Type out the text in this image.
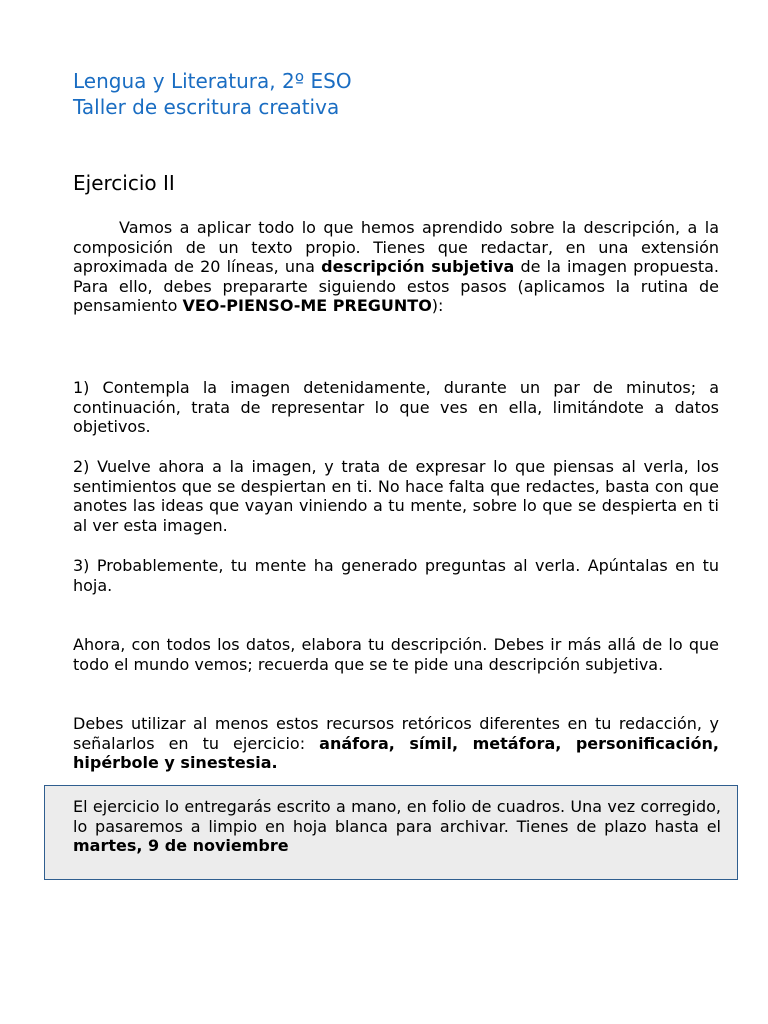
Lengua y Literatura, 2º ESO
Taller de escritura creativa
Ejercicio II

Vamos a aplicar todo lo que hemos aprendido sobre la descripción, a la composición de un texto propio. Tienes que redactar, en una extensión aproximada de 20 líneas, una descripción subjetiva de la imagen propuesta. Para ello, debes prepararte siguiendo estos pasos (aplicamos la rutina de pensamiento VEO-PIENSO-ME PREGUNTO):

1) Contempla la imagen detenidamente, durante un par de minutos; a continuación, trata de representar lo que ves en ella, limitándote a datos objetivos.

2) Vuelve ahora a la imagen, y trata de expresar lo que piensas al verla, los sentimientos que se despiertan en ti. No hace falta que redactes, basta con que anotes las ideas que vayan viniendo a tu mente, sobre lo que se despierta en ti al ver esta imagen.

3) Probablemente, tu mente ha generado preguntas al verla. Apúntalas en tu hoja.

Ahora, con todos los datos, elabora tu descripción. Debes ir más allá de lo que todo el mundo vemos; recuerda que se te pide una descripción subjetiva.

Debes utilizar al menos estos recursos retóricos diferentes en tu redacción, y señalarlos en tu ejercicio: anáfora, símil, metáfora, personificación, hipérbole y sinestesia.

El ejercicio lo entregarás escrito a mano, en folio de cuadros. Una vez corregido, lo pasaremos a limpio en hoja blanca para archivar. Tienes de plazo hasta el martes, 9 de noviembre
